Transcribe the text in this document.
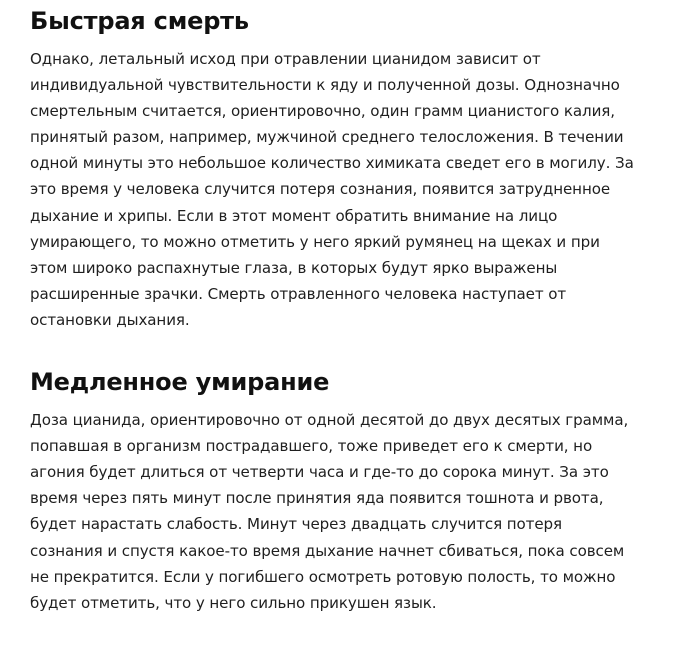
Быстрая смерть

Однако, летальный исход при отравлении цианидом зависит от
индивидуальной чувствительности к яду и полученной дозы. Однозначно
смертельным считается, ориентировочно, один грамм цианистого калия,
принятый разом, например, мужчиной среднего телосложения. В течении
одной минуты это небольшое количество химиката сведет его в могилу. За
это время у человека случится потеря сознания, появится затрудненное
дыхание и хрипы. Если в этот момент обратить внимание на лицо
умирающего, то можно отметить у него яркий румянец на щеках и при
этом широко распахнутые глаза, в которых будут ярко выражены
расширенные зрачки. Смерть отравленного человека наступает от
остановки дыхания.

Медленное умирание

Доза цианида, ориентировочно от одной десятой до двух десятых грамма,
попавшая в организм пострадавшего, тоже приведет его к смерти, но
агония будет длиться от четверти часа и где-то до сорока минут. За это
время через пять минут после принятия яда появится тошнота и рвота,
будет нарастать слабость. Минут через двадцать случится потеря
сознания и спустя какое-то время дыхание начнет сбиваться, пока совсем
не прекратится. Если у погибшего осмотреть ротовую полость, то можно
будет отметить, что у него сильно прикушен язык.
